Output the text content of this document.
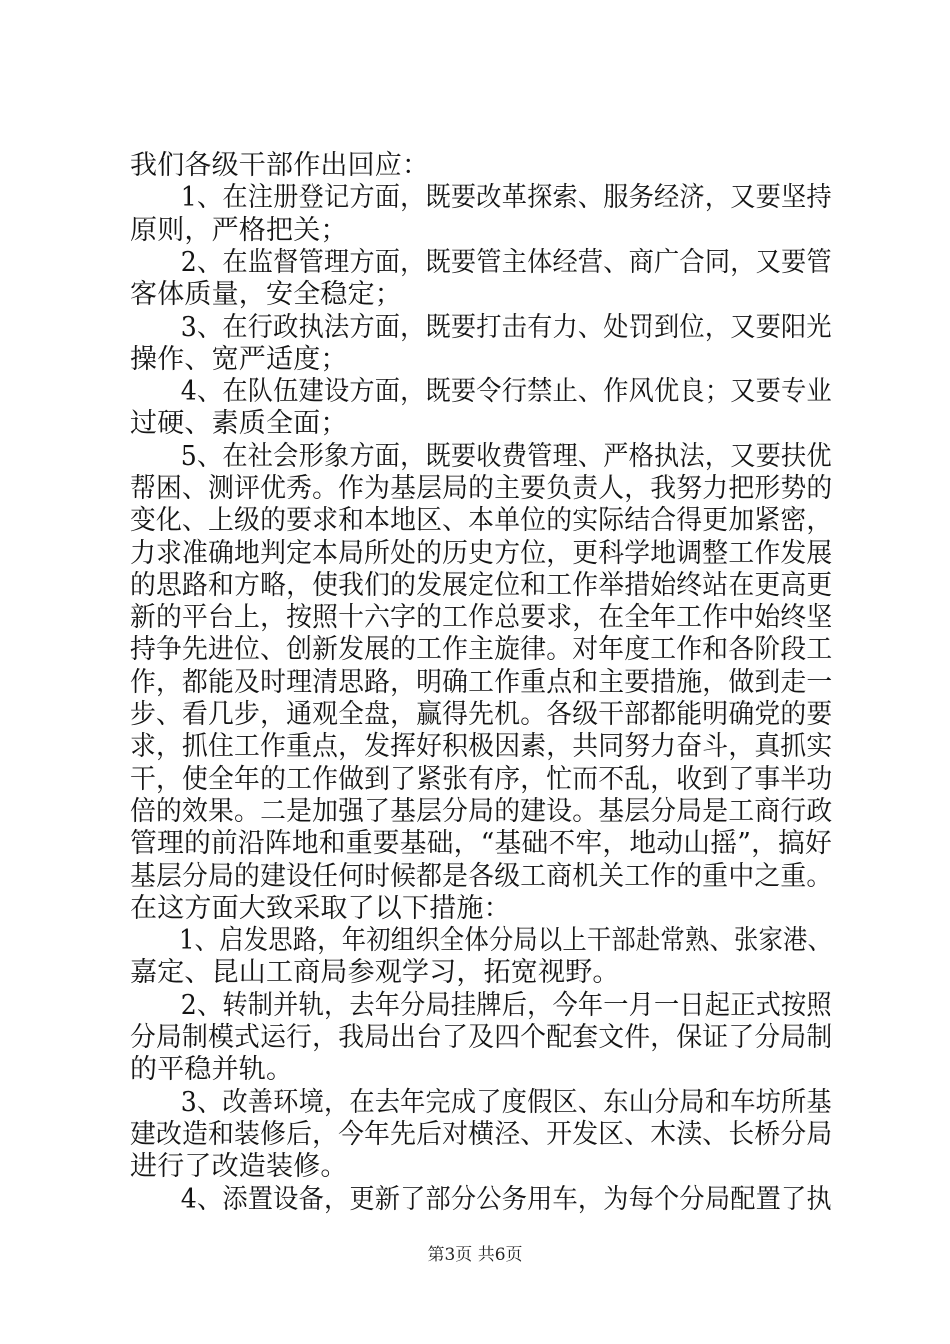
我们各级干部作出回应：
　　1、在注册登记方面，既要改革探索、服务经济，又要坚持
原则，严格把关；
　　2、在监督管理方面，既要管主体经营、商广合同，又要管
客体质量，安全稳定；
　　3、在行政执法方面，既要打击有力、处罚到位，又要阳光
操作、宽严适度；
　　4、在队伍建设方面，既要令行禁止、作风优良；又要专业
过硬、素质全面；
　　5、在社会形象方面，既要收费管理、严格执法，又要扶优
帮困、测评优秀。作为基层局的主要负责人，我努力把形势的
变化、上级的要求和本地区、本单位的实际结合得更加紧密，
力求准确地判定本局所处的历史方位，更科学地调整工作发展
的思路和方略，使我们的发展定位和工作举措始终站在更高更
新的平台上，按照十六字的工作总要求，在全年工作中始终坚
持争先进位、创新发展的工作主旋律。对年度工作和各阶段工
作，都能及时理清思路，明确工作重点和主要措施，做到走一
步、看几步，通观全盘，赢得先机。各级干部都能明确党的要
求，抓住工作重点，发挥好积极因素，共同努力奋斗，真抓实
干，使全年的工作做到了紧张有序，忙而不乱，收到了事半功
倍的效果。二是加强了基层分局的建设。基层分局是工商行政
管理的前沿阵地和重要基础，“基础不牢，地动山摇”，搞好
基层分局的建设任何时候都是各级工商机关工作的重中之重。
在这方面大致采取了以下措施：
　　1、启发思路，年初组织全体分局以上干部赴常熟、张家港、
嘉定、昆山工商局参观学习，拓宽视野。
　　2、转制并轨，去年分局挂牌后，今年一月一日起正式按照
分局制模式运行，我局出台了及四个配套文件，保证了分局制
的平稳并轨。
　　3、改善环境，在去年完成了度假区、东山分局和车坊所基
建改造和装修后，今年先后对横泾、开发区、木渎、长桥分局
进行了改造装修。
　　4、添置设备，更新了部分公务用车，为每个分局配置了执
第3页 共6页
